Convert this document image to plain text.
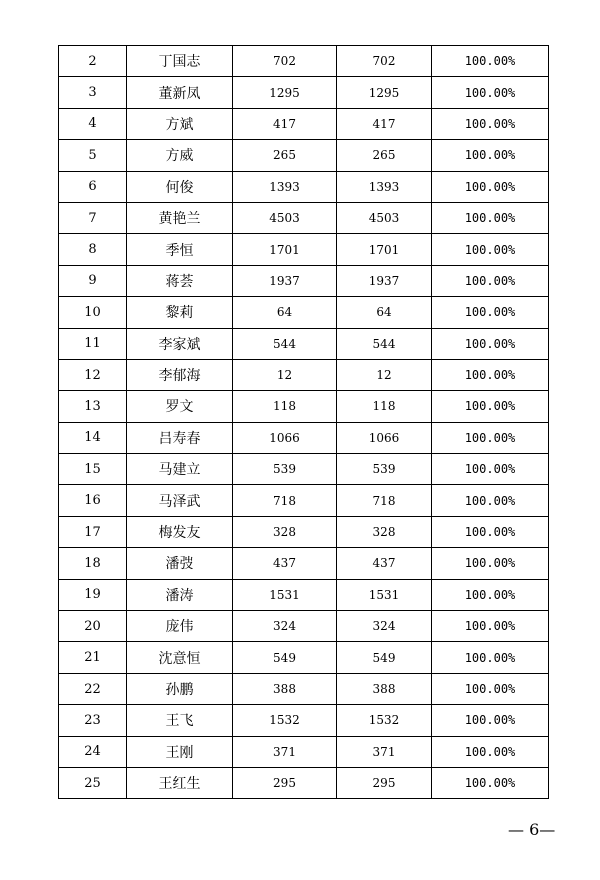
2	丁国志	702	702	100.00%
3	董新凤	1295	1295	100.00%
4	方斌	417	417	100.00%
5	方威	265	265	100.00%
6	何俊	1393	1393	100.00%
7	黄艳兰	4503	4503	100.00%
8	季恒	1701	1701	100.00%
9	蒋荟	1937	1937	100.00%
10	黎莉	64	64	100.00%
11	李家斌	544	544	100.00%
12	李郁海	12	12	100.00%
13	罗文	118	118	100.00%
14	吕寿春	1066	1066	100.00%
15	马建立	539	539	100.00%
16	马泽武	718	718	100.00%
17	梅发友	328	328	100.00%
18	潘弢	437	437	100.00%
19	潘涛	1531	1531	100.00%
20	庞伟	324	324	100.00%
21	沈意恒	549	549	100.00%
22	孙鹏	388	388	100.00%
23	王飞	1532	1532	100.00%
24	王刚	371	371	100.00%
25	王红生	295	295	100.00%
— 6—
